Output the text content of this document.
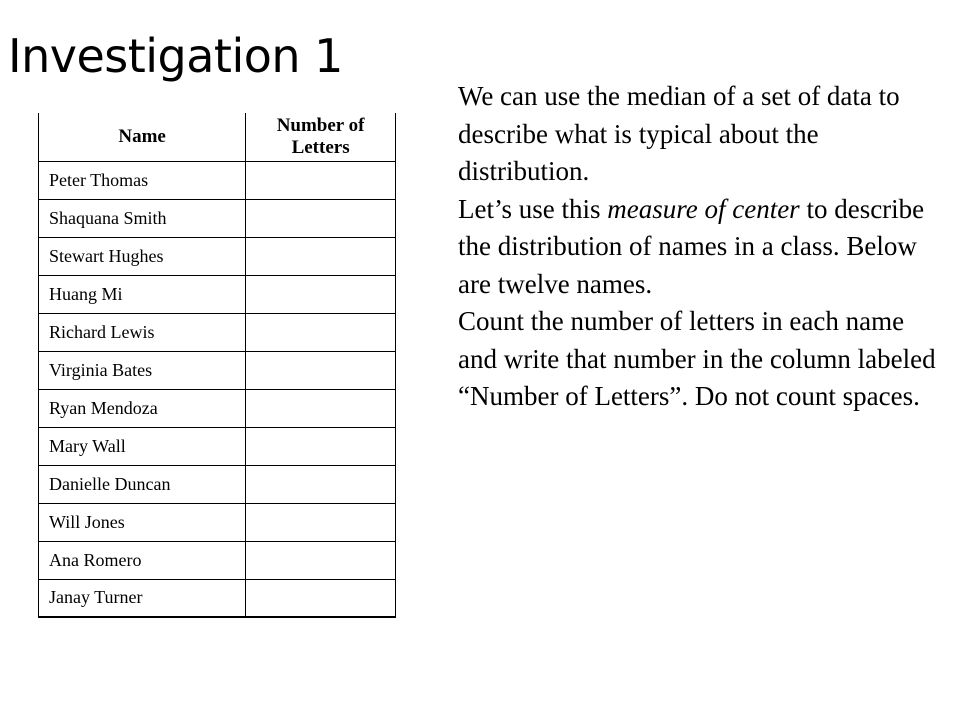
Investigation 1
Name	Number of
Letters
Peter Thomas	
Shaquana Smith	
Stewart Hughes	
Huang Mi	
Richard Lewis	
Virginia Bates	
Ryan Mendoza	
Mary Wall	
Danielle Duncan	
Will Jones	
Ana Romero	
Janay Turner	

We can use the median of a set of data to describe what is typical about the distribution.

Let’s use this measure of center to describe the distribution of names in a class. Below are twelve names.

Count the number of letters in each name and write that number in the column labeled “Number of Letters”. Do not count spaces.
